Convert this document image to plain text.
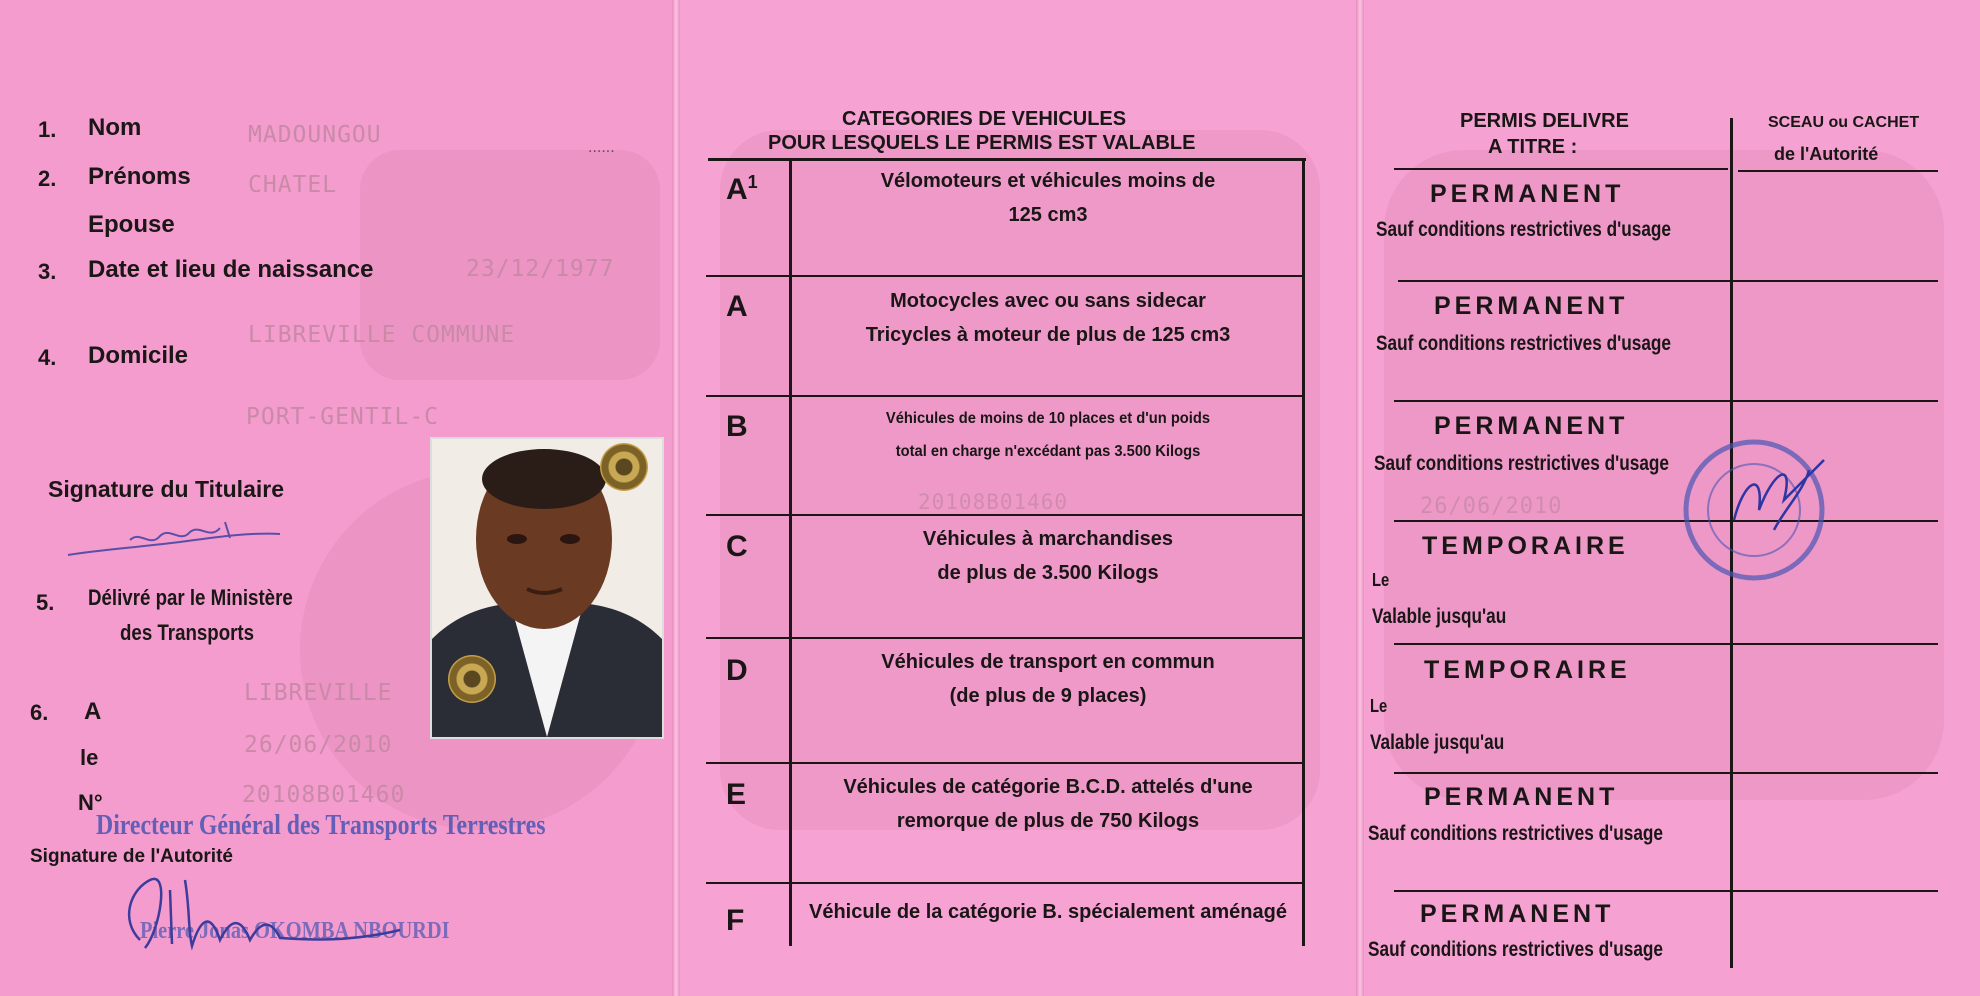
1. Nom	MADOUNGOU	......
2. Prénoms CHATEL
Epouse
3. Date et lieu de naissance	23/12/1977
4. Domicile
LIBREVILLE COMMUNE
PORT-GENTIL-C
Signature du Titulaire
5. Délivré par le Ministère
des Transports
6. A
LIBREVILLE
le	26/06/2010
N°	20108B01460
Directeur Général des Transports Terrestres
Signature de l'Autorité
Pierre Jonas OKOMBA NBOURDI
CATEGORIES DE VEHICULES
POUR LESQUELS LE PERMIS EST VALABLE
$A^1$	Vélomoteurs et véhicules moins de
125 cm3
A	Motocycles avec ou sans sidecar
Tricycles à moteur de plus de 125 cm3
B	Véhicules de moins de 10 places et d'un poids
total en charge n'excédant pas 3.500 Kilogs
20108B01460
C	Véhicules à marchandises
de plus de 3.500 Kilogs
D	Véhicules de transport en commun
(de plus de 9 places)
E	Véhicules de catégorie B.C.D. attelés d'une
remorque de plus de 750 Kilogs
F	Véhicule de la catégorie B. spécialement aménagé
PERMIS DELIVRE
A TITRE :
SCEAU ou CACHET
de l'Autorité
PERMANENT
Sauf conditions restrictives d'usage
PERMANENT
Sauf conditions restrictives d'usage
PERMANENT
Sauf conditions restrictives d'usage
26/06/2010
TEMPORAIRE
Le
Valable jusqu'au
TEMPORAIRE
Le
Valable jusqu'au
PERMANENT
Sauf conditions restrictives d'usage
PERMANENT
Sauf conditions restrictives d'usage
